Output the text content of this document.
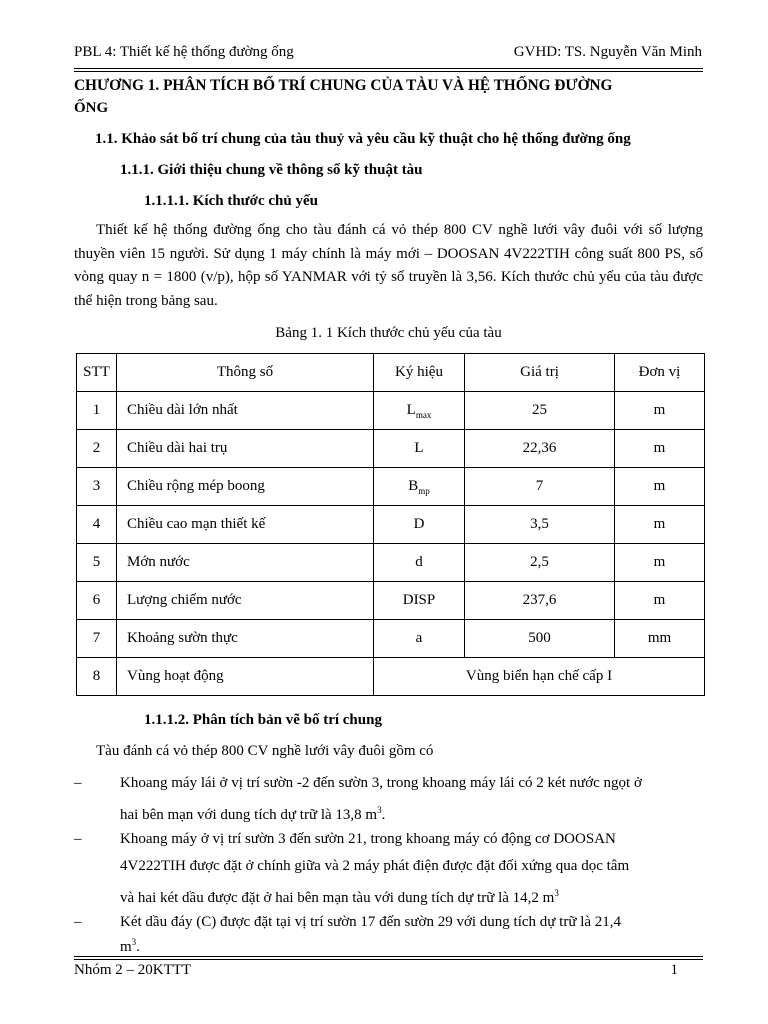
PBL 4: Thiết kế hệ thống đường ống	GVHD: TS. Nguyễn Văn Minh
CHƯƠNG 1. PHÂN TÍCH BỐ TRÍ CHUNG CỦA TÀU VÀ HỆ THỐNG ĐƯỜNG
ỐNG
1.1. Khảo sát bố trí chung của tàu thuỷ và yêu cầu kỹ thuật cho hệ thống đường ống
1.1.1. Giới thiệu chung về thông số kỹ thuật tàu
1.1.1.1. Kích thước chủ yếu
Thiết kế hệ thống đường ống cho tàu đánh cá vỏ thép 800 CV nghề lưới vây đuôi với số lượng thuyền viên 15 người. Sử dụng 1 máy chính là máy mới – DOOSAN 4V222TIH công suất 800 PS, số vòng quay n = 1800 (v/p), hộp số YANMAR với tỷ số truyền là 3,56. Kích thước chủ yếu của tàu được thể hiện trong bảng sau.
Bảng 1. 1 Kích thước chủ yếu của tàu
STT	Thông số	Ký hiệu	Giá trị	Đơn vị
1	Chiều dài lớn nhất	$L_{max}$	25	m
2	Chiều dài hai trụ	L	22,36	m
3	Chiều rộng mép boong	$B_{mp}$	7	m
4	Chiều cao mạn thiết kế	D	3,5	m
5	Mớn nước	d	2,5	m
6	Lượng chiếm nước	DISP	237,6	m
7	Khoảng sườn thực	a	500	mm
8	Vùng hoạt động	Vùng biển hạn chế cấp I		
1.1.1.2. Phân tích bản vẽ bố trí chung
Tàu đánh cá vỏ thép 800 CV nghề lưới vây đuôi gồm có
–	Khoang máy lái ở vị trí sườn -2 đến sườn 3, trong khoang máy lái có 2 két nước ngọt ở
hai bên mạn với dung tích dự trữ là 13,8 $m^3$.
–	Khoang máy ở vị trí sườn 3 đến sườn 21, trong khoang máy có động cơ DOOSAN
4V222TIH được đặt ở chính giữa và 2 máy phát điện được đặt đối xứng qua dọc tâm
và hai két dầu được đặt ở hai bên mạn tàu với dung tích dự trữ là 14,2 $m^3$
–	Két dầu đáy (C) được đặt tại vị trí sườn 17 đến sườn 29 với dung tích dự trữ là 21,4
$m^3$.
Nhóm 2 – 20KTTT	1
